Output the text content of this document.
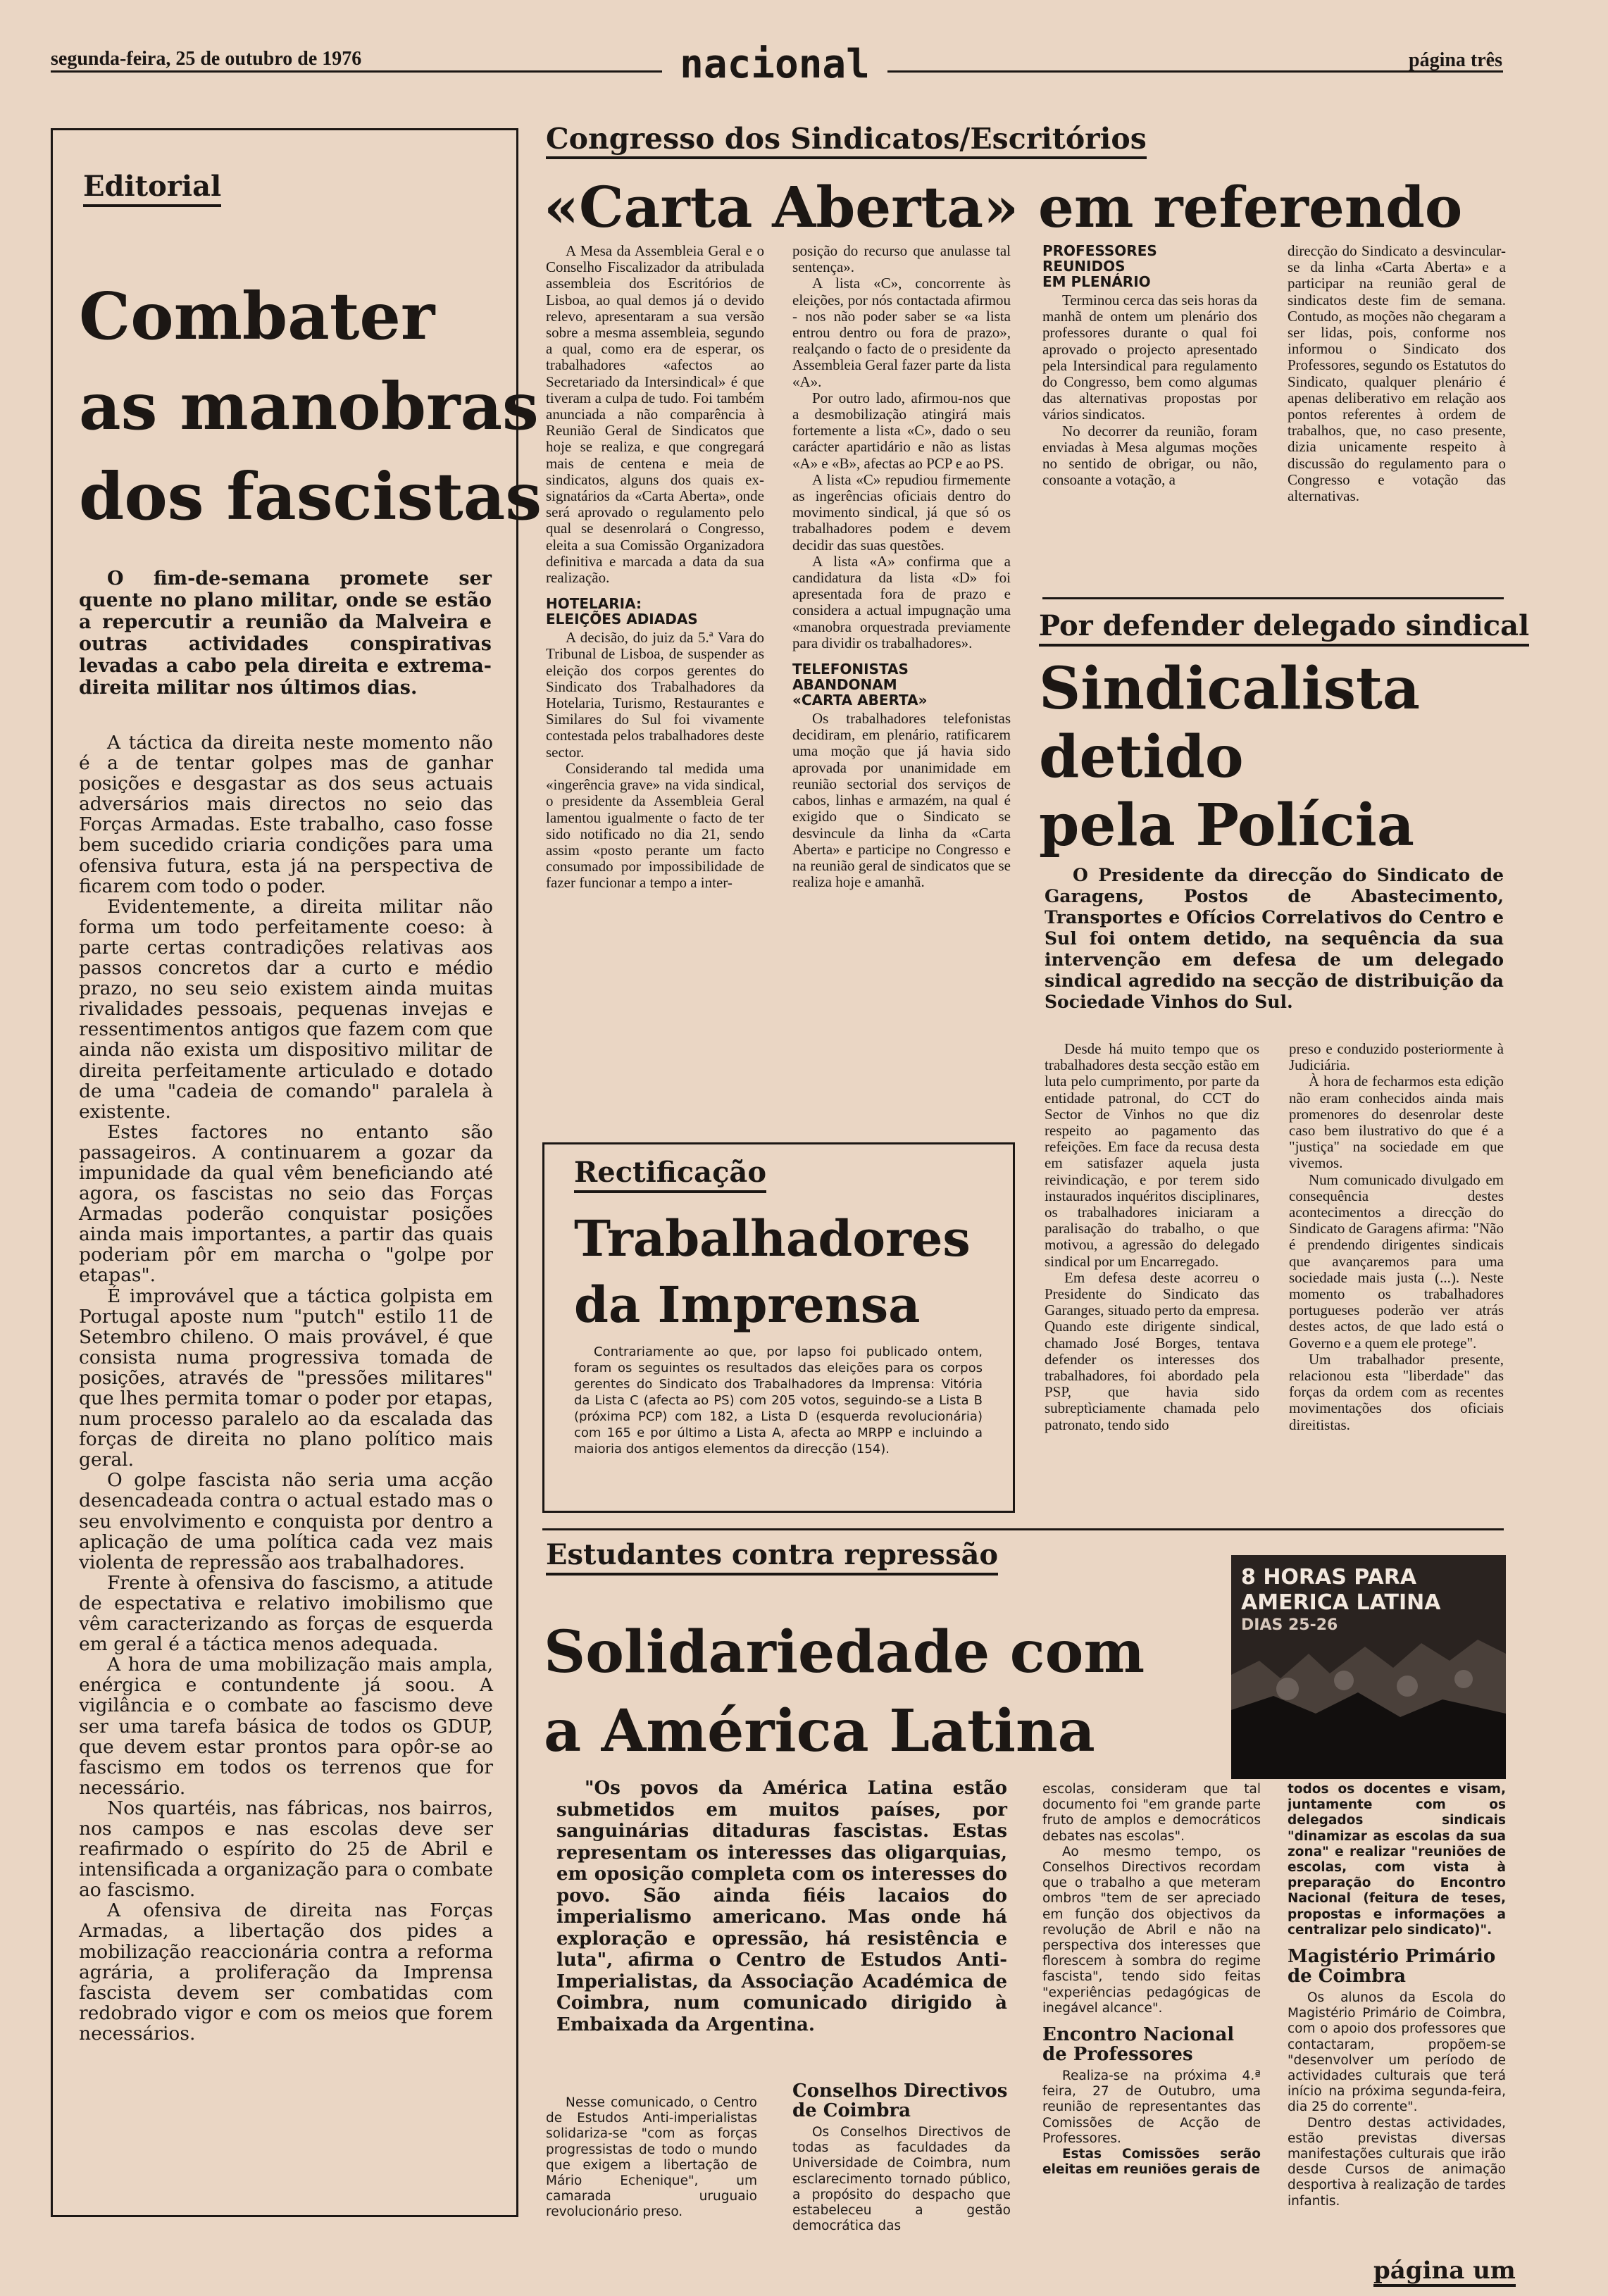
segunda-feira, 25 de outubro de 1976	nacional	página três
Editorial
Combater
as manobras
dos fascistas

O fim-de-semana promete ser quente no plano militar, onde se estão a repercutir a reunião da Malveira e outras actividades conspirativas levadas a cabo pela direita e extrema-direita militar nos últimos dias.

A táctica da direita neste momento não é a de tentar golpes mas de ganhar posições e desgastar as dos seus actuais adversários mais directos no seio das Forças Armadas. Este trabalho, caso fosse bem sucedido criaria condições para uma ofensiva futura, esta já na perspectiva de ficarem com todo o poder.

Evidentemente, a direita militar não forma um todo perfeitamente coeso: à parte certas contradições relativas aos passos concretos dar a curto e médio prazo, no seu seio existem ainda muitas rivalidades pessoais, pequenas invejas e ressentimentos antigos que fazem com que ainda não exista um dispositivo militar de direita perfeitamente articulado e dotado de uma "cadeia de comando" paralela à existente.

Estes factores no entanto são passageiros. A continuarem a gozar da impunidade da qual vêm beneficiando até agora, os fascistas no seio das Forças Armadas poderão conquistar posições ainda mais importantes, a partir das quais poderiam pôr em marcha o "golpe por etapas".

É improvável que a táctica golpista em Portugal aposte num "putch" estilo 11 de Setembro chileno. O mais provável, é que consista numa progressiva tomada de posições, através de "pressões militares" que lhes permita tomar o poder por etapas, num processo paralelo ao da escalada das forças de direita no plano político mais geral.

O golpe fascista não seria uma acção desencadeada contra o actual estado mas o seu envolvimento e conquista por dentro a aplicação de uma política cada vez mais violenta de repressão aos trabalhadores.

Frente à ofensiva do fascismo, a atitude de espectativa e relativo imobilismo que vêm caracterizando as forças de esquerda em geral é a táctica menos adequada.

A hora de uma mobilização mais ampla, enérgica e contundente já soou. A vigilância e o combate ao fascismo deve ser uma tarefa básica de todos os GDUP, que devem estar prontos para opôr-se ao fascismo em todos os terrenos que for necessário.

Nos quartéis, nas fábricas, nos bairros, nos campos e nas escolas deve ser reafirmado o espírito do 25 de Abril e intensificada a organização para o combate ao fascismo.

A ofensiva de direita nas Forças Armadas, a libertação dos pides a mobilização reaccionária contra a reforma agrária, a proliferação da Imprensa fascista devem ser combatidas com redobrado vigor e com os meios que forem necessários.

Congresso dos Sindicatos/Escritórios
«Carta Aberta» em referendo

A Mesa da Assembleia Geral e o Conselho Fiscalizador da atribulada assembleia dos Escritórios de Lisboa, ao qual demos já o devido relevo, apresentaram a sua versão sobre a mesma assembleia, segundo a qual, como era de esperar, os trabalhadores «afectos ao Secretariado da Intersindical» é que tiveram a culpa de tudo. Foi também anunciada a não comparência à Reunião Geral de Sindicatos que hoje se realiza, e que congregará mais de centena e meia de sindicatos, alguns dos quais ex-signatários da «Carta Aberta», onde será aprovado o regulamento pelo qual se desenrolará o Congresso, eleita a sua Comissão Organizadora definitiva e marcada a data da sua realização.

HOTELARIA:
ELEIÇÕES ADIADAS

A decisão, do juiz da 5.ª Vara do Tribunal de Lisboa, de suspender as eleição dos corpos gerentes do Sindicato dos Trabalhadores da Hotelaria, Turismo, Restaurantes e Similares do Sul foi vivamente contestada pelos trabalhadores deste sector.

Considerando tal medida uma «ingerência grave» na vida sindical, o presidente da Assembleia Geral lamentou igualmente o facto de ter sido notificado no dia 21, sendo assim «posto perante um facto consumado por impossibilidade de fazer funcionar a tempo a inter-

posição do recurso que anulasse tal sentença».

A lista «C», concorrente às eleições, por nós contactada afirmou - nos não poder saber se «a lista entrou dentro ou fora de prazo», realçando o facto de o presidente da Assembleia Geral fazer parte da lista «A».

Por outro lado, afirmou-nos que a desmobilização atingirá mais fortemente a lista «C», dado o seu carácter apartidário e não as listas «A» e «B», afectas ao PCP e ao PS.

A lista «C» repudiou firmemente as ingerências oficiais dentro do movimento sindical, já que só os trabalhadores podem e devem decidir das suas questões.

A lista «A» confirma que a candidatura da lista «D» foi apresentada fora de prazo e considera a actual impugnação uma «manobra orquestrada previamente para dividir os trabalhadores».

TELEFONISTAS
ABANDONAM
«CARTA ABERTA»

Os trabalhadores telefonistas decidiram, em plenário, ratificarem uma moção que já havia sido aprovada por unanimidade em reunião sectorial dos serviços de cabos, linhas e armazém, na qual é exigido que o Sindicato se desvincule da linha da «Carta Aberta» e participe no Congresso e na reunião geral de sindicatos que se realiza hoje e amanhã.

PROFESSORES
REUNIDOS
EM PLENÁRIO

Terminou cerca das seis horas da manhã de ontem um plenário dos professores durante o qual foi aprovado o projecto apresentado pela Intersindical para regulamento do Congresso, bem como algumas das alternativas propostas por vários sindicatos.

No decorrer da reunião, foram enviadas à Mesa algumas moções no sentido de obrigar, ou não, consoante a votação, a

direcção do Sindicato a desvincular-se da linha «Carta Aberta» e a participar na reunião geral de sindicatos deste fim de semana. Contudo, as moções não chegaram a ser lidas, pois, conforme nos informou o Sindicato dos Professores, segundo os Estatutos do Sindicato, qualquer plenário é apenas deliberativo em relação aos pontos referentes à ordem de trabalhos, que, no caso presente, dizia unicamente respeito à discussão do regulamento para o Congresso e votação das alternativas.

Por defender delegado sindical
Sindicalista
detido
pela Polícia

O Presidente da direcção do Sindicato de Garagens, Postos de Abastecimento, Transportes e Ofícios Correlativos do Centro e Sul foi ontem detido, na sequência da sua intervenção em defesa de um delegado sindical agredido na secção de distribuição da Sociedade Vinhos do Sul.

Desde há muito tempo que os trabalhadores desta secção estão em luta pelo cumprimento, por parte da entidade patronal, do CCT do Sector de Vinhos no que diz respeito ao pagamento das refeições. Em face da recusa desta em satisfazer aquela justa reivindicação, e por terem sido instaurados inquéritos disciplinares, os trabalhadores iniciaram a paralisação do trabalho, o que motivou, a agressão do delegado sindical por um Encarregado.

Em defesa deste acorreu o Presidente do Sindicato das Garanges, situado perto da empresa. Quando este dirigente sindical, chamado José Borges, tentava defender os interesses dos trabalhadores, foi abordado pela PSP, que havia sido subreptìciamente chamada pelo patronato, tendo sido

preso e conduzido posteriormente à Judiciária.

À hora de fecharmos esta edição não eram conhecidos ainda mais promenores do desenrolar deste caso bem ilustrativo do que é a "justiça" na sociedade em que vivemos.

Num comunicado divulgado em consequência destes acontecimentos a direcção do Sindicato de Garagens afirma: "Não é prendendo dirigentes sindicais que avançaremos para uma sociedade mais justa (...). Neste momento os trabalhadores portugueses poderão ver atrás destes actos, de que lado está o Governo e a quem ele protege".

Um trabalhador presente, relacionou esta "liberdade" das forças da ordem com as recentes movimentações dos oficiais direitistas.

Rectificação
Trabalhadores
da Imprensa

Contrariamente ao que, por lapso foi publicado ontem, foram os seguintes os resultados das eleições para os corpos gerentes do Sindicato dos Trabalhadores da Imprensa: Vitória da Lista C (afecta ao PS) com 205 votos, seguindo-se a Lista B (próxima PCP) com 182, a Lista D (esquerda revolucionária) com 165 e por último a Lista A, afecta ao MRPP e incluindo a maioria dos antigos elementos da direcção (154).

Estudantes contra repressão
Solidariedade com
a América Latina
8 HORAS PARA
AMERICA LATINA
DIAS 25-26

"Os povos da América Latina estão submetidos em muitos países, por sanguinárias ditaduras fascistas. Estas representam os interesses das oligarquias, em oposição completa com os interesses do povo. São ainda fiéis lacaios do imperialismo americano. Mas onde há exploração e opressão, há resistência e luta", afirma o Centro de Estudos Anti-Imperialistas, da Associação Académica de Coimbra, num comunicado dirigido à Embaixada da Argentina.

Nesse comunicado, o Centro de Estudos Anti-imperialistas solidariza-se "com as forças progressistas de todo o mundo que exigem a libertação de Mário Echenique", um camarada uruguaio revolucionário preso.

Conselhos Directivos
de Coimbra

Os Conselhos Directivos de todas as faculdades da Universidade de Coimbra, num esclarecimento tornado público, a propósito do despacho que estabeleceu a gestão democrática das

escolas, consideram que tal documento foi "em grande parte fruto de amplos e democráticos debates nas escolas".

Ao mesmo tempo, os Conselhos Directivos recordam que o trabalho a que meteram ombros "tem de ser apreciado em função dos objectivos da revolução de Abril e não na perspectiva dos interesses que florescem à sombra do regime fascista", tendo sido feitas "experiências pedagógicas de inegável alcance".

Encontro Nacional
de Professores

Realiza-se na próxima 4.ª feira, 27 de Outubro, uma reunião de representantes das Comissões de Acção de Professores.

Estas Comissões serão eleitas em reuniões gerais de

todos os docentes e visam, juntamente com os delegados sindicais "dinamizar as escolas da sua zona" e realizar "reuniões de escolas, com vista à preparação do Encontro Nacional (feitura de teses, propostas e informações a centralizar pelo sindicato)".

Magistério Primário
de Coimbra

Os alunos da Escola do Magistério Primário de Coimbra, com o apoio dos professores que contactaram, propõem-se "desenvolver um período de actividades culturais que terá início na próxima segunda-feira, dia 25 do corrente".

Dentro destas actividades, estão previstas diversas manifestações culturais que irão desde Cursos de animação desportiva à realização de tardes infantis.

página um
